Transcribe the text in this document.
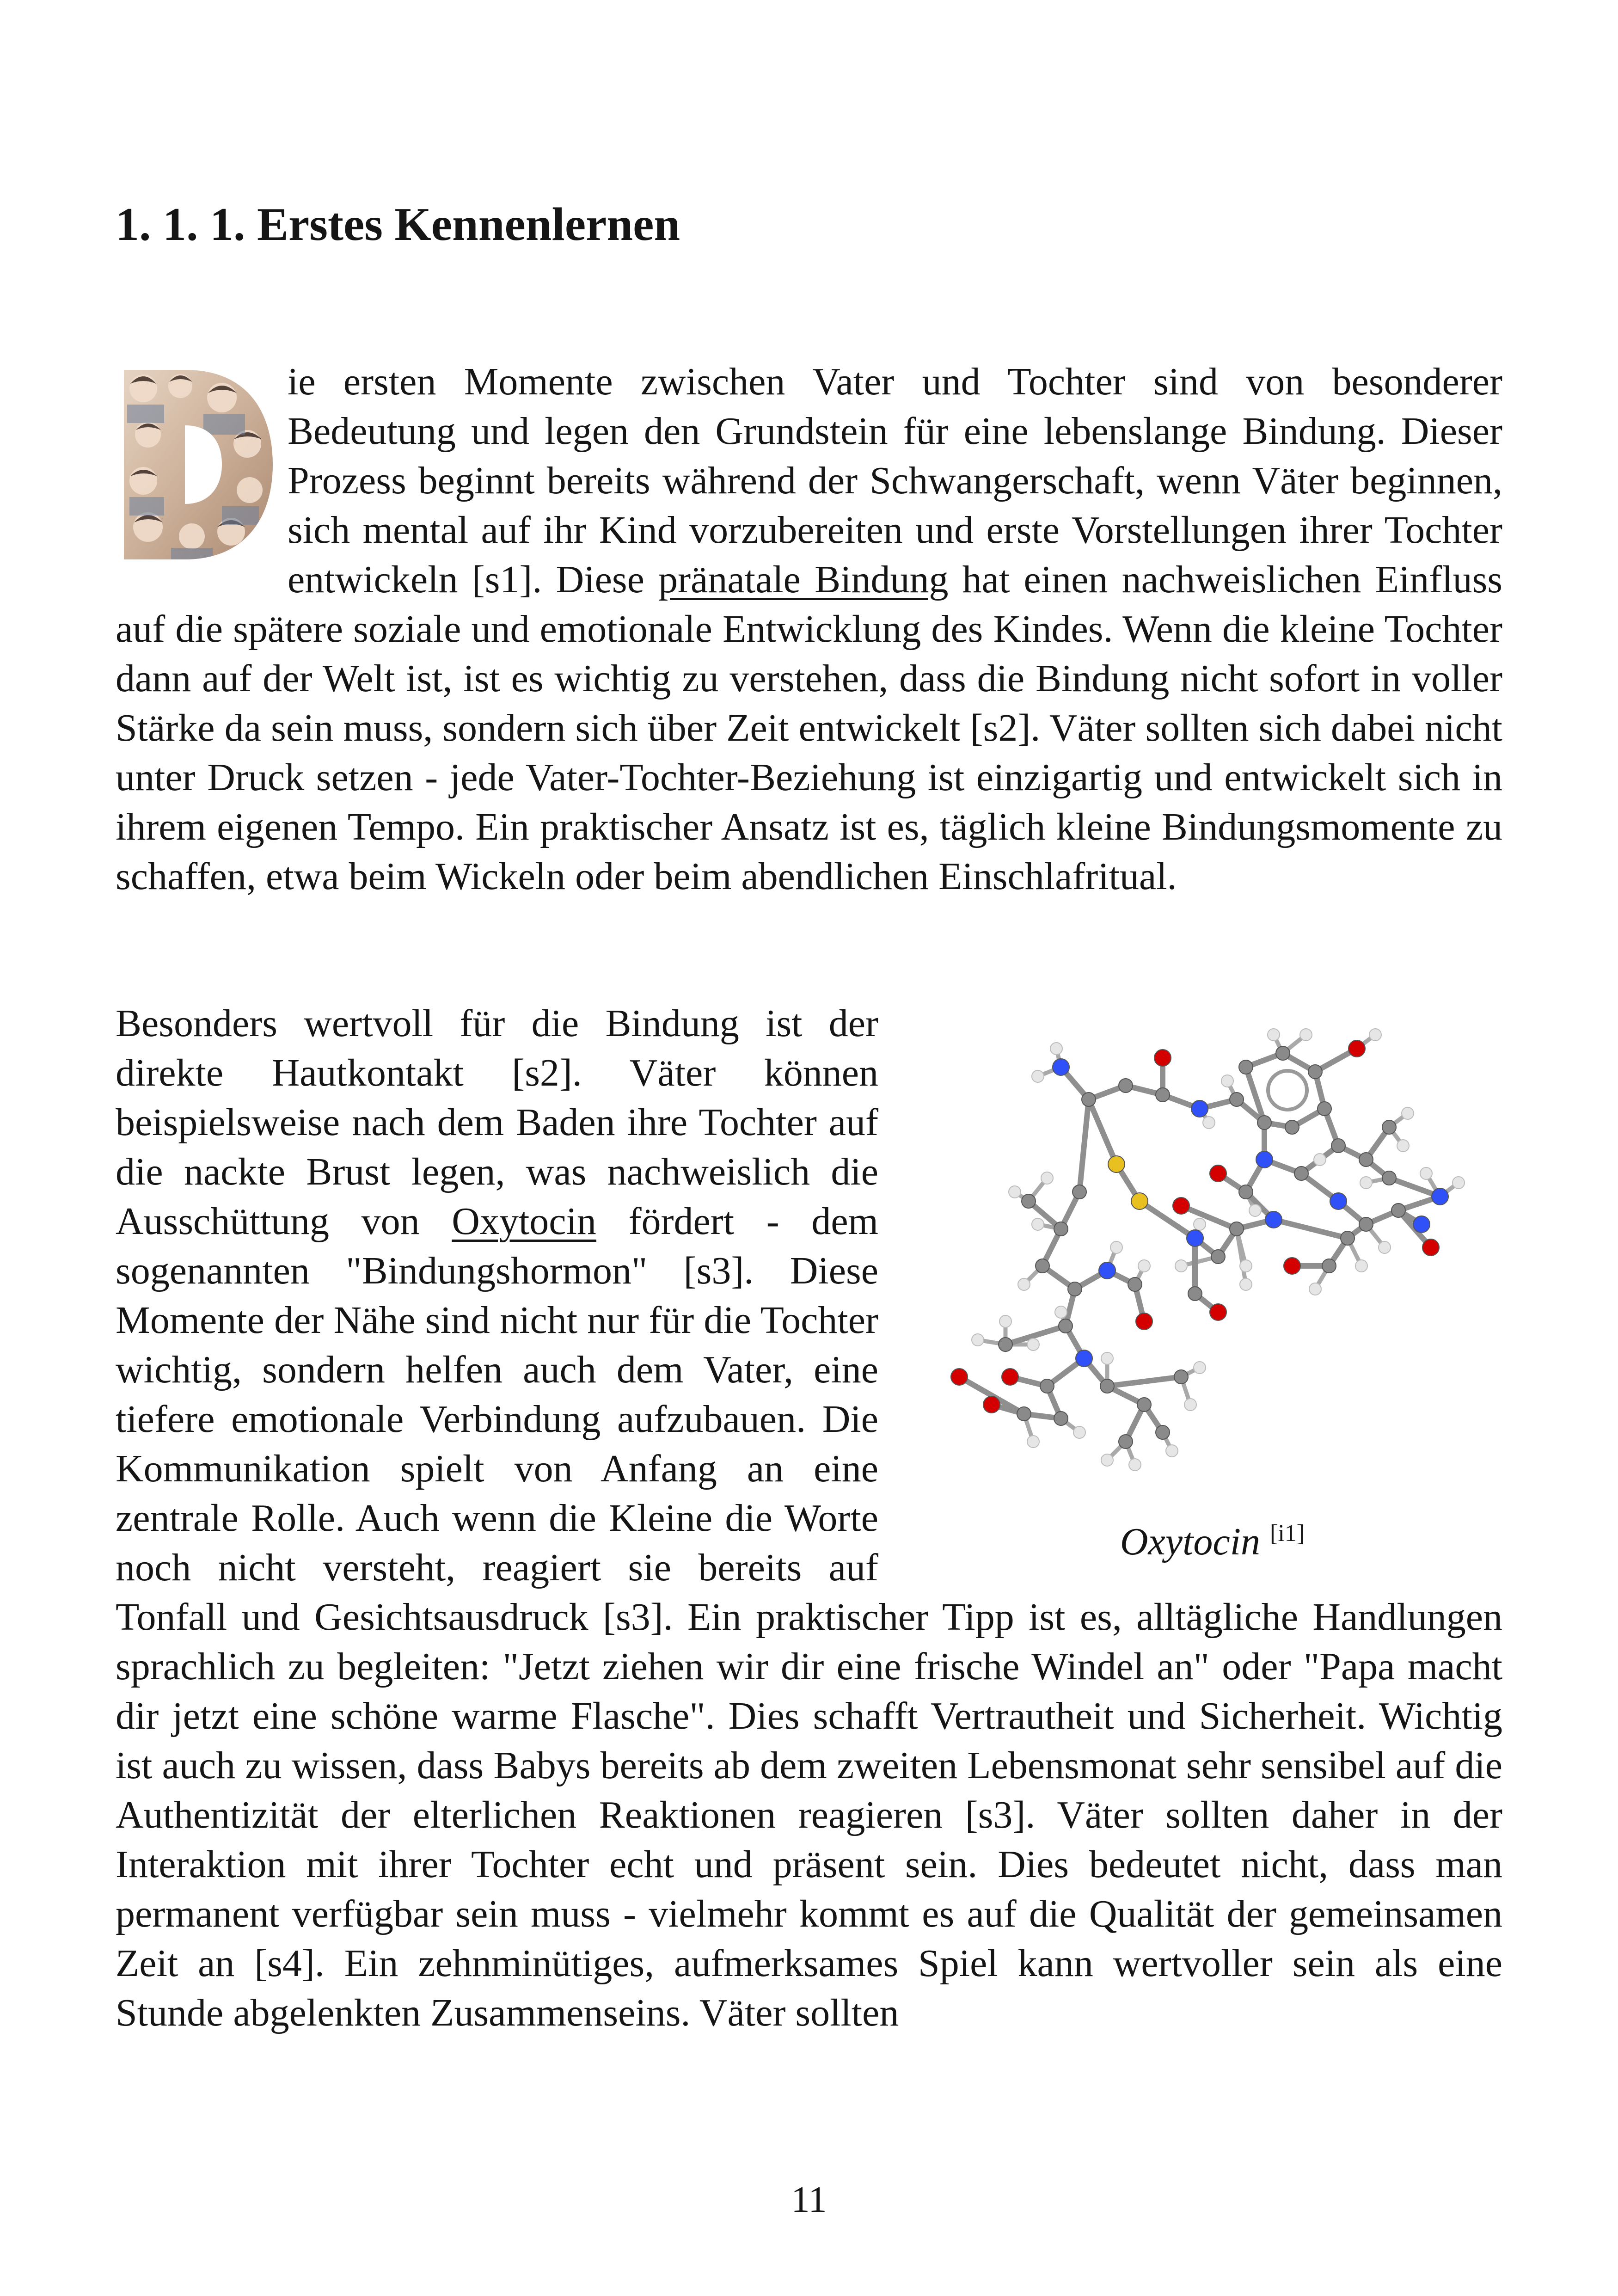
1. 1. 1. Erstes Kennenlernen

ie ersten Momente zwischen Vater und Tochter sind von besonderer Bedeutung und legen den Grundstein für eine lebenslange Bindung. Dieser Prozess beginnt bereits während der Schwangerschaft, wenn Väter beginnen, sich mental auf ihr Kind vorzubereiten und erste Vorstellungen ihrer Tochter entwickeln [s1]. Diese pränatale Bindung hat einen nachweislichen Einfluss auf die spätere soziale und emotionale Entwicklung des Kindes. Wenn die kleine Tochter dann auf der Welt ist, ist es wichtig zu verstehen, dass die Bindung nicht sofort in voller Stärke da sein muss, sondern sich über Zeit entwickelt [s2]. Väter sollten sich dabei nicht unter Druck setzen - jede Vater-Tochter-Beziehung ist einzigartig und entwickelt sich in ihrem eigenen Tempo. Ein praktischer Ansatz ist es, täglich kleine Bindungsmomente zu schaffen, etwa beim Wickeln oder beim abendlichen Einschlafritual.

Oxytocin [i1]

Besonders wertvoll für die Bindung ist der direkte Hautkontakt [s2]. Väter können beispielsweise nach dem Baden ihre Tochter auf die nackte Brust legen, was nachweislich die Ausschüttung von Oxytocin fördert - dem sogenannten "Bindungshormon" [s3]. Diese Momente der Nähe sind nicht nur für die Tochter wichtig, sondern helfen auch dem Vater, eine tiefere emotionale Verbindung aufzubauen. Die Kommunikation spielt von Anfang an eine zentrale Rolle. Auch wenn die Kleine die Worte noch nicht versteht, reagiert sie bereits auf Tonfall und Gesichtsausdruck [s3]. Ein praktischer Tipp ist es, alltägliche Handlungen sprachlich zu begleiten: "Jetzt ziehen wir dir eine frische Windel an" oder "Papa macht dir jetzt eine schöne warme Flasche". Dies schafft Vertrautheit und Sicherheit. Wichtig ist auch zu wissen, dass Babys bereits ab dem zweiten Lebensmonat sehr sensibel auf die Authentizität der elterlichen Reaktionen reagieren [s3]. Väter sollten daher in der Interaktion mit ihrer Tochter echt und präsent sein. Dies bedeutet nicht, dass man permanent verfügbar sein muss - vielmehr kommt es auf die Qualität der gemeinsamen Zeit an [s4]. Ein zehnminütiges, aufmerksames Spiel kann wertvoller sein als eine Stunde abgelenkten Zusammenseins. Väter sollten

11
